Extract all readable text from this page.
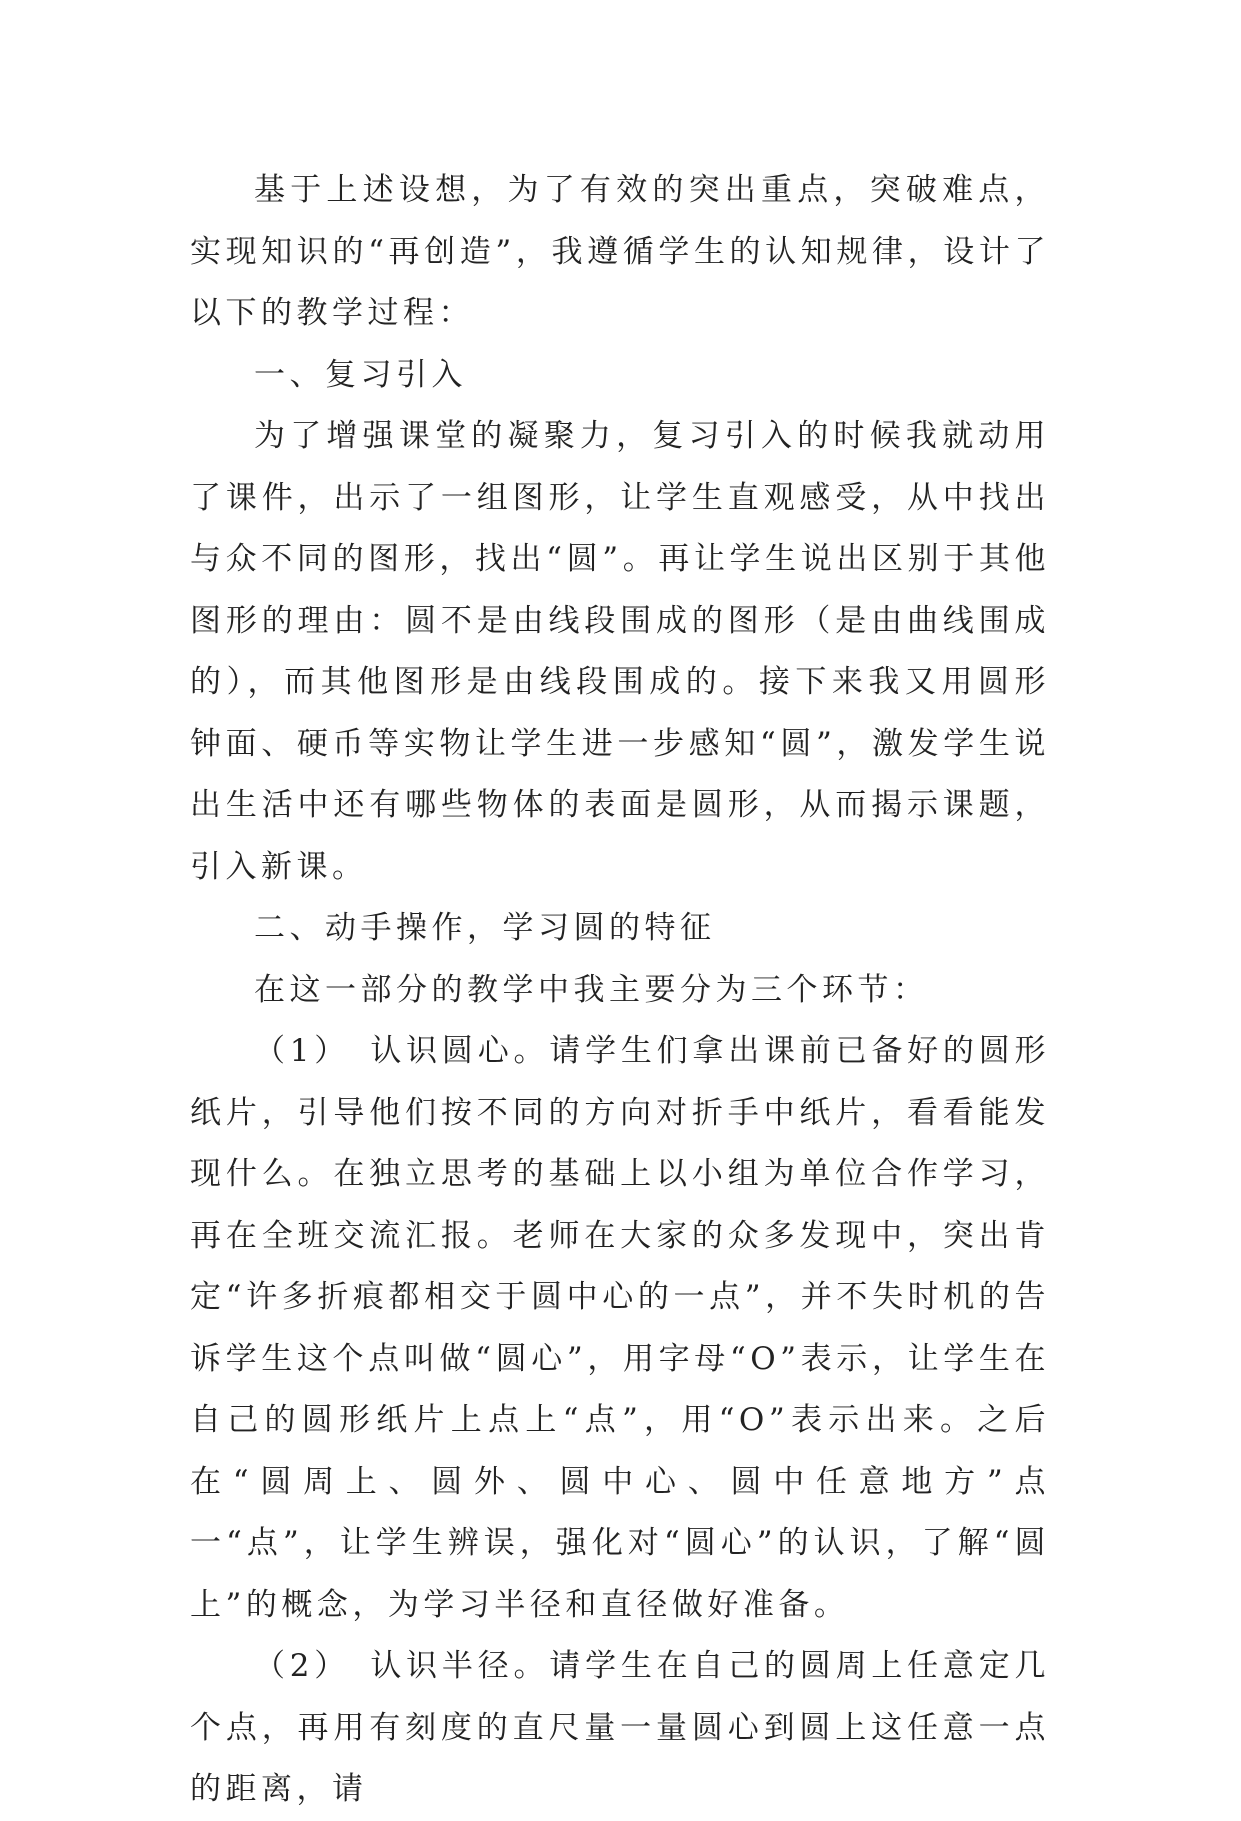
基于上述设想，为了有效的突出重点，突破难点，实现知识的“再创造”，我遵循学生的认知规律，设计了以下的教学过程：

一、复习引入

为了增强课堂的凝聚力，复习引入的时候我就动用了课件，出示了一组图形，让学生直观感受，从中找出与众不同的图形，找出“圆”。再让学生说出区别于其他图形的理由：圆不是由线段围成的图形（是由曲线围成的），而其他图形是由线段围成的。接下来我又用圆形钟面、硬币等实物让学生进一步感知“圆”，激发学生说出生活中还有哪些物体的表面是圆形，从而揭示课题，引入新课。

二、动手操作，学习圆的特征

在这一部分的教学中我主要分为三个环节：

（1）　认识圆心。请学生们拿出课前已备好的圆形纸片，引导他们按不同的方向对折手中纸片，看看能发现什么。在独立思考的基础上以小组为单位合作学习，再在全班交流汇报。老师在大家的众多发现中，突出肯定“许多折痕都相交于圆中心的一点”，并不失时机的告诉学生这个点叫做“圆心”，用字母“O”表示，让学生在自己的圆形纸片上点上“点”，用“O”表示出来。之后在“圆周上、圆外、圆中心、圆中任意地方”点一“点”，让学生辨误，强化对“圆心”的认识，了解“圆上”的概念，为学习半径和直径做好准备。

（2）　认识半径。请学生在自己的圆周上任意定几个点，再用有刻度的直尺量一量圆心到圆上这任意一点的距离，请
